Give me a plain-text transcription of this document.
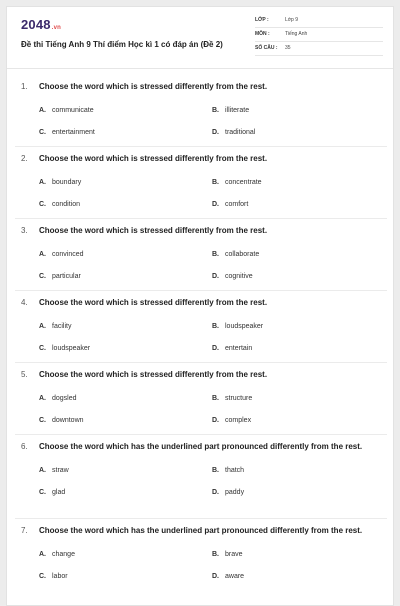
2048.vn
Đề thi Tiếng Anh 9 Thí điểm Học kì 1 có đáp án (Đề 2)
LỚP :	Lớp 9
MÔN :	Tiếng Anh
SỐ CÂU :	35
1.	Choose the word which is stressed differently from the rest.
A. communicate	B. illiterate
C. entertainment	D. traditional
2.	Choose the word which is stressed differently from the rest.
A. boundary	B. concentrate
C. condition	D. comfort
3.	Choose the word which is stressed differently from the rest.
A. convinced	B. collaborate
C. particular	D. cognitive
4.	Choose the word which is stressed differently from the rest.
A. facility	B. loudspeaker
C. loudspeaker	D. entertain
5.	Choose the word which is stressed differently from the rest.
A. dogsled	B. structure
C. downtown	D. complex
6.	Choose the word which has the underlined part pronounced differently from the rest.
A. straw	B. thatch
C. glad	D. paddy
7.	Choose the word which has the underlined part pronounced differently from the rest.
A. change	B. brave
C. labor	D. aware
